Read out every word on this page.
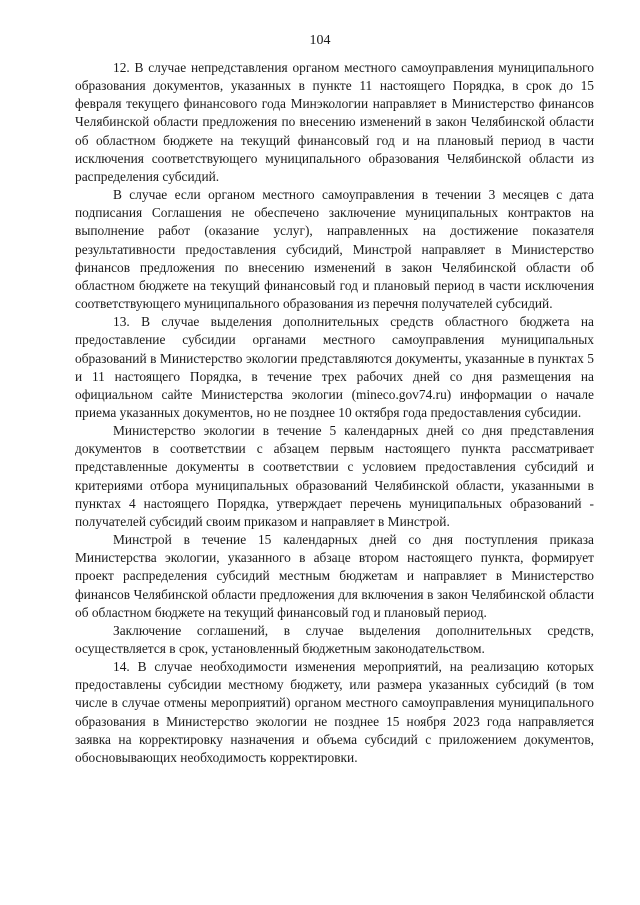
104

12. В случае непредставления органом местного самоуправления муниципального образования документов, указанных в пункте 11 настоящего Порядка, в срок до 15 февраля текущего финансового года Минэкологии направляет в Министерство финансов Челябинской области предложения по внесению изменений в закон Челябинской области об областном бюджете на текущий финансовый год и на плановый период в части исключения соответствующего муниципального образования Челябинской области из распределения субсидий.

В случае если органом местного самоуправления в течении 3 месяцев с дата подписания Соглашения не обеспечено заключение муниципальных контрактов на выполнение работ (оказание услуг), направленных на достижение показателя результативности предоставления субсидий, Минстрой направляет в Министерство финансов предложения по внесению изменений в закон Челябинской области об областном бюджете на текущий финансовый год и плановый период в части исключения соответствующего муниципального образования из перечня получателей субсидий.

13. В случае выделения дополнительных средств областного бюджета на предоставление субсидии органами местного самоуправления муниципальных образований в Министерство экологии представляются документы, указанные в пунктах 5 и 11 настоящего Порядка, в течение трех рабочих дней со дня размещения на официальном сайте Министерства экологии (mineco.gov74.ru) информации о начале приема указанных документов, но не позднее 10 октября года предоставления субсидии.

Министерство экологии в течение 5 календарных дней со дня представления документов в соответствии с абзацем первым настоящего пункта рассматривает представленные документы в соответствии с условием предоставления субсидий и критериями отбора муниципальных образований Челябинской области, указанными в пунктах 4 настоящего Порядка, утверждает перечень муниципальных образований - получателей субсидий своим приказом и направляет в Минстрой.

Минстрой в течение 15 календарных дней со дня поступления приказа Министерства экологии, указанного в абзаце втором настоящего пункта, формирует проект распределения субсидий местным бюджетам и направляет в Министерство финансов Челябинской области предложения для включения в закон Челябинской области об областном бюджете на текущий финансовый год и плановый период.

Заключение соглашений, в случае выделения дополнительных средств, осуществляется в срок, установленный бюджетным законодательством.

14. В случае необходимости изменения мероприятий, на реализацию которых предоставлены субсидии местному бюджету, или размера указанных субсидий (в том числе в случае отмены мероприятий) органом местного самоуправления муниципального образования в Министерство экологии не позднее 15 ноября 2023 года направляется заявка на корректировку назначения и объема субсидий с приложением документов, обосновывающих необходимость корректировки.
